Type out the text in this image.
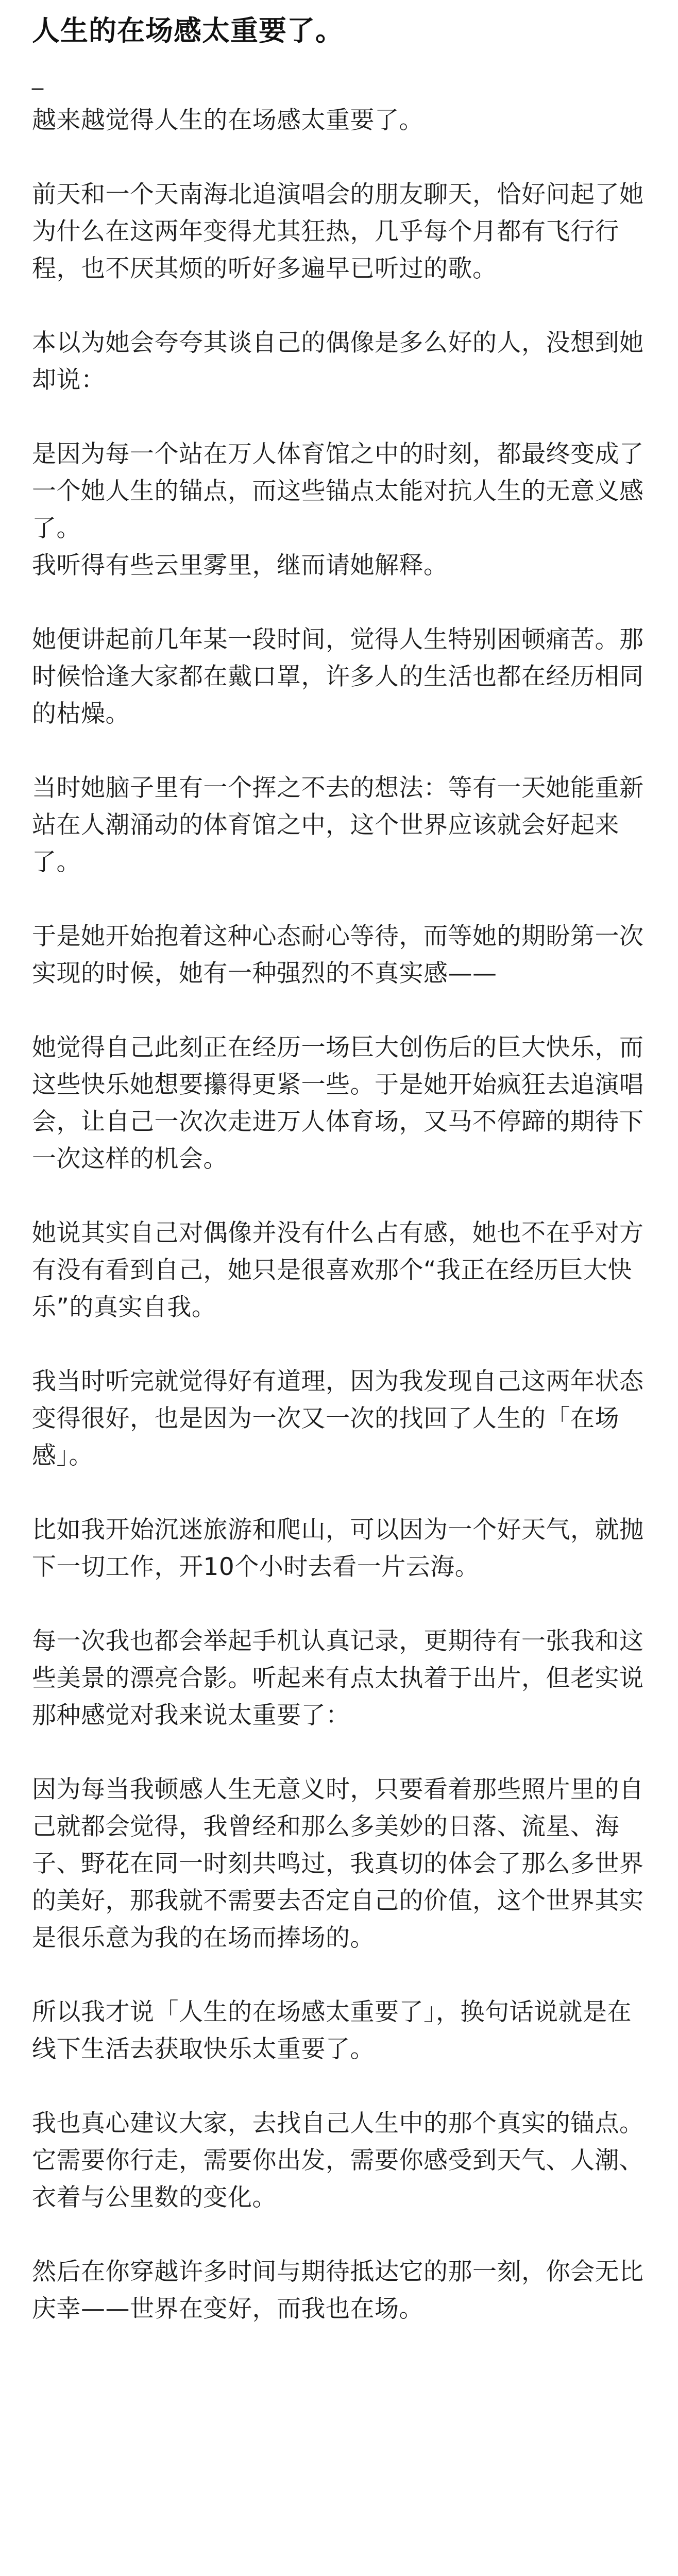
人生的在场感太重要了。
_

越来越觉得人生的在场感太重要了。

前天和一个天南海北追演唱会的朋友聊天，恰好问起了她为什么在这两年变得尤其狂热，几乎每个月都有飞行行程，也不厌其烦的听好多遍早已听过的歌。

本以为她会夸夸其谈自己的偶像是多么好的人，没想到她却说：

是因为每一个站在万人体育馆之中的时刻，都最终变成了一个她人生的锚点，而这些锚点太能对抗人生的无意义感了。
我听得有些云里雾里，继而请她解释。

她便讲起前几年某一段时间，觉得人生特别困顿痛苦。那时候恰逢大家都在戴口罩，许多人的生活也都在经历相同的枯燥。

当时她脑子里有一个挥之不去的想法：等有一天她能重新站在人潮涌动的体育馆之中，这个世界应该就会好起来了。

于是她开始抱着这种心态耐心等待，而等她的期盼第一次实现的时候，她有一种强烈的不真实感——

她觉得自己此刻正在经历一场巨大创伤后的巨大快乐，而这些快乐她想要攥得更紧一些。于是她开始疯狂去追演唱会，让自己一次次走进万人体育场，又马不停蹄的期待下一次这样的机会。

她说其实自己对偶像并没有什么占有感，她也不在乎对方有没有看到自己，她只是很喜欢那个“我正在经历巨大快乐”的真实自我。

我当时听完就觉得好有道理，因为我发现自己这两年状态变得很好，也是因为一次又一次的找回了人生的「在场感」。

比如我开始沉迷旅游和爬山，可以因为一个好天气，就抛下一切工作，开10个小时去看一片云海。

每一次我也都会举起手机认真记录，更期待有一张我和这些美景的漂亮合影。听起来有点太执着于出片，但老实说那种感觉对我来说太重要了：

因为每当我顿感人生无意义时，只要看着那些照片里的自己就都会觉得，我曾经和那么多美妙的日落、流星、海子、野花在同一时刻共鸣过，我真切的体会了那么多世界的美好，那我就不需要去否定自己的价值，这个世界其实是很乐意为我的在场而捧场的。

所以我才说「人生的在场感太重要了」，换句话说就是在线下生活去获取快乐太重要了。

我也真心建议大家，去找自己人生中的那个真实的锚点。它需要你行走，需要你出发，需要你感受到天气、人潮、衣着与公里数的变化。

然后在你穿越许多时间与期待抵达它的那一刻，你会无比庆幸——世界在变好，而我也在场。
